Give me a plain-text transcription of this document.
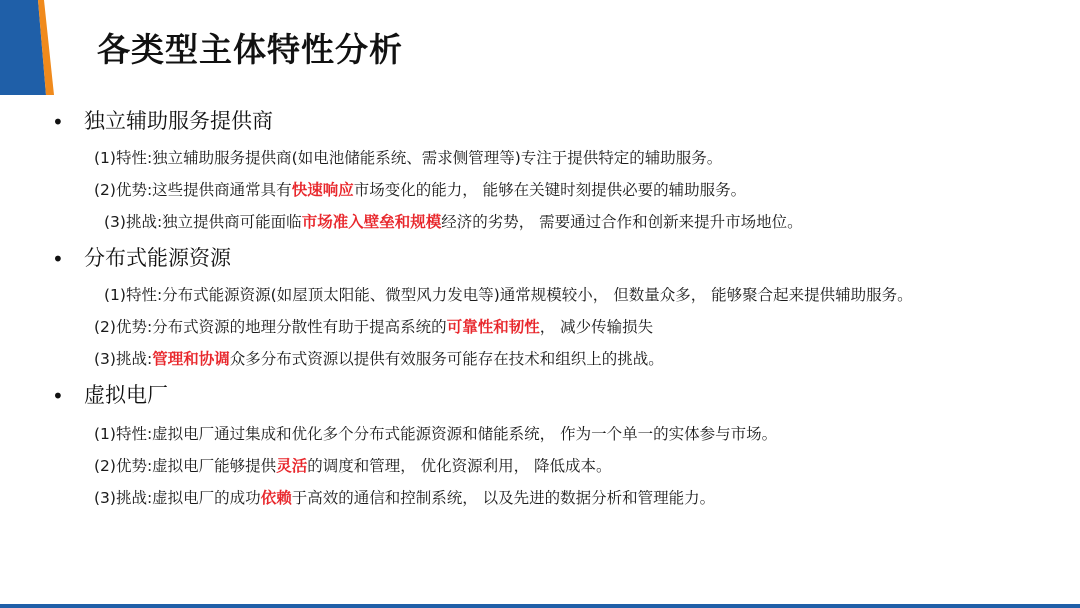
各类型主体特性分析
• 独立辅助服务提供商
(1)特性:独立辅助服务提供商(如电池储能系统、需求侧管理等)专注于提供特定的辅助服务。
(2)优势:这些提供商通常具有快速响应市场变化的能力， 能够在关键时刻提供必要的辅助服务。
(3)挑战:独立提供商可能面临市场准入壁垒和规模经济的劣势， 需要通过合作和创新来提升市场地位。
• 分布式能源资源
(1)特性:分布式能源资源(如屋顶太阳能、微型风力发电等)通常规模较小， 但数量众多， 能够聚合起来提供辅助服务。
(2)优势:分布式资源的地理分散性有助于提高系统的可靠性和韧性， 减少传输损失
(3)挑战:管理和协调众多分布式资源以提供有效服务可能存在技术和组织上的挑战。
• 虚拟电厂
(1)特性:虚拟电厂通过集成和优化多个分布式能源资源和储能系统， 作为一个单一的实体参与市场。
(2)优势:虚拟电厂能够提供灵活的调度和管理， 优化资源利用， 降低成本。
(3)挑战:虚拟电厂的成功依赖于高效的通信和控制系统， 以及先进的数据分析和管理能力。
